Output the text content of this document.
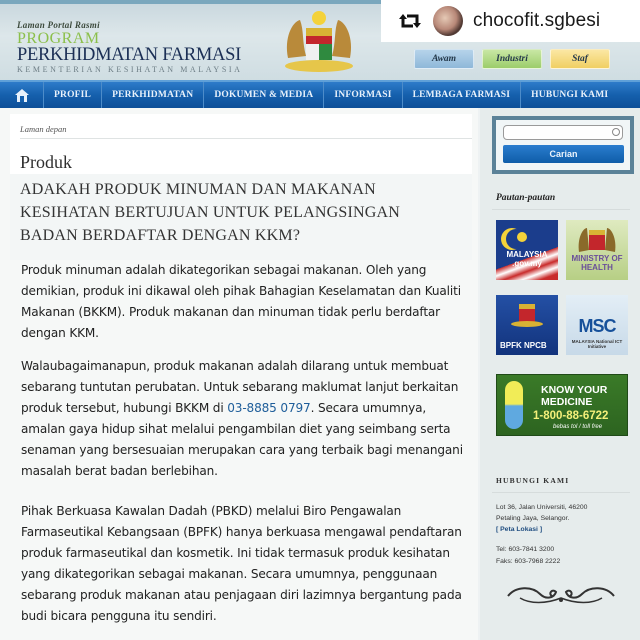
Laman Portal Rasmi
PROGRAM
PERKHIDMATAN FARMASI
KEMENTERIAN KESIHATAN MALAYSIA
chocofit.sgbesi
Awam	Industri	Staf
PROFIL	PERKHIDMATAN	DOKUMEN & MEDIA	INFORMASI	LEMBAGA FARMASI	HUBUNGI KAMI
Laman depan
Produk
ADAKAH PRODUK MINUMAN DAN MAKANAN KESIHATAN BERTUJUAN UNTUK PELANGSINGAN BADAN BERDAFTAR DENGAN KKM?

Produk minuman adalah dikategorikan sebagai makanan. Oleh yang demikian, produk ini dikawal oleh pihak Bahagian Keselamatan dan Kualiti Makanan (BKKM). Produk makanan dan minuman tidak perlu berdaftar dengan KKM.

Walaubagaimanapun, produk makanan adalah dilarang untuk membuat sebarang tuntutan perubatan. Untuk sebarang maklumat lanjut berkaitan produk tersebut, hubungi BKKM di 03-8885 0797. Secara umumnya, amalan gaya hidup sihat melalui pengambilan diet yang seimbang serta senaman yang bersesuaian merupakan cara yang terbaik bagi menangani masalah berat badan berlebihan.

Pihak Berkuasa Kawalan Dadah (PBKD) melalui Biro Pengawalan Farmaseutikal Kebangsaan (BPFK) hanya berkuasa mengawal pendaftaran produk farmaseutikal dan kosmetik. Ini tidak termasuk produk kesihatan yang dikategorikan sebagai makanan. Secara umumnya, penggunaan sebarang produk makanan atau penjagaan diri lazimnya bergantung pada budi bicara pengguna itu sendiri.

Carian
Pautan-pautan
MALAYSIA .gov.my
MINISTRY OF HEALTH
BPFK NPCB
MSC
MALAYSIA National ICT Initiative
KNOW YOUR MEDICINE
1-800-88-6722
bebas tol / toll free
HUBUNGI KAMI
Lot 36, Jalan Universiti, 46200
Petaling Jaya, Selangor.
[ Peta Lokasi ]
Tel: 603-7841 3200
Faks: 603-7968 2222
